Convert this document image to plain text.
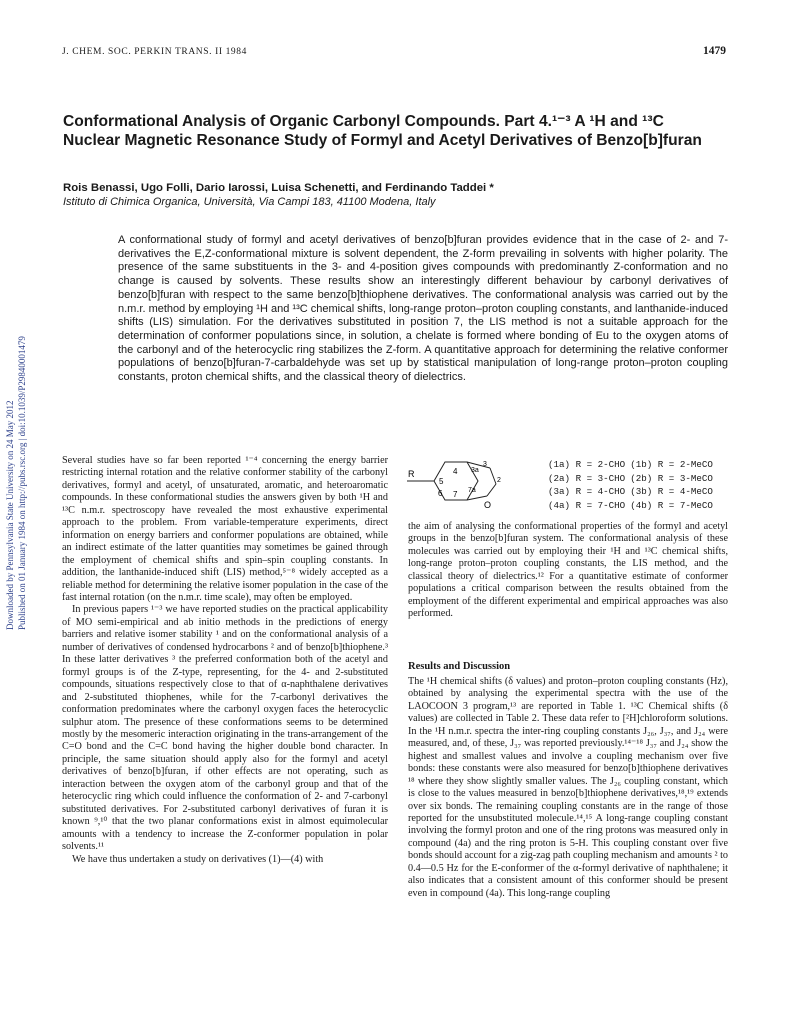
J. CHEM. SOC. PERKIN TRANS. II 1984	1479
Downloaded by Pennsylvania State University on 24 May 2012 Published on 01 January 1984 on http://pubs.rsc.org | doi:10.1039/P29840001479
Conformational Analysis of Organic Carbonyl Compounds. Part 4.¹⁻³ A ¹H and ¹³C Nuclear Magnetic Resonance Study of Formyl and Acetyl Derivatives of Benzo[b]furan
Rois Benassi, Ugo Folli, Dario Iarossi, Luisa Schenetti, and Ferdinando Taddei *
Istituto di Chimica Organica, Università, Via Campi 183, 41100 Modena, Italy
A conformational study of formyl and acetyl derivatives of benzo[b]furan provides evidence that in the case of 2- and 7-derivatives the E,Z-conformational mixture is solvent dependent, the Z-form prevailing in solvents with higher polarity. The presence of the same substituents in the 3- and 4-position gives compounds with predominantly Z-conformation and no change is caused by solvents. These results show an interestingly different behaviour by carbonyl derivatives of benzo[b]furan with respect to the same benzo[b]thiophene derivatives. The conformational analysis was carried out by the n.m.r. method by employing ¹H and ¹³C chemical shifts, long-range proton–proton coupling constants, and lanthanide-induced shifts (LIS) simulation. For the derivatives substituted in position 7, the LIS method is not a suitable approach for the determination of conformer populations since, in solution, a chelate is formed where bonding of Eu to the oxygen atoms of the carbonyl and of the heterocyclic ring stabilizes the Z-form. A quantitative approach for determining the relative conformer populations of benzo[b]furan-7-carbaldehyde was set up by statistical manipulation of long-range proton–proton coupling constants, proton chemical shifts, and the classical theory of dielectrics.

Several studies have so far been reported ¹⁻⁴ concerning the energy barrier restricting internal rotation and the relative conformer stability of the carbonyl derivatives, formyl and acetyl, of unsaturated, aromatic, and heteroaromatic compounds. In these conformational studies the answers given by both ¹H and ¹³C n.m.r. spectroscopy have revealed the most exhaustive experimental approach to the problem. From variable-temperature experiments, direct information on energy barriers and conformer populations are obtained, while an indirect estimate of the latter quantities may sometimes be gained through the employment of chemical shifts and spin–spin coupling constants. In addition, the lanthanide-induced shift (LIS) method,⁵⁻⁸ widely accepted as a reliable method for determining the relative isomer population in the case of the fast internal rotation (on the n.m.r. time scale), may often be employed.

In previous papers ¹⁻³ we have reported studies on the practical applicability of MO semi-empirical and ab initio methods in the predictions of energy barriers and relative isomer stability ¹ and on the conformational analysis of a number of derivatives of condensed hydrocarbons ² and of benzo[b]thiophene.³ In these latter derivatives ³ the preferred conformation both of the acetyl and formyl groups is of the Z-type, representing, for the 4- and 2-substituted compounds, situations respectively close to that of α-naphthalene derivatives and 2-substituted thiophenes, while for the 7-carbonyl derivatives the conformation predominates where the carbonyl oxygen faces the heterocyclic sulphur atom. The presence of these conformations seems to be determined mostly by the mesomeric interaction originating in the trans-arrangement of the C=O bond and the C=C bond having the higher double bond character. In principle, the same situation should apply also for the formyl and acetyl derivatives of benzo[b]furan, if other effects are not operating, such as interaction between the oxygen atom of the carbonyl group and that of the heterocyclic ring which could influence the conformation of 2- and 7-carbonyl substituted derivatives. For 2-substituted carbonyl derivatives of furan it is known ⁹,¹⁰ that the two planar conformations exist in almost equimolecular amounts with a tendency to increase the Z-conformer population in polar solvents.¹¹

We have thus undertaken a study on derivatives (1)—(4) with

R	4 3a
3
5	2
6	7a
7
O
(1a) R = 2-CHO	(1b) R = 2-MeCO
(2a) R = 3-CHO	(2b) R = 3-MeCO
(3a) R = 4-CHO	(3b) R = 4-MeCO
(4a) R = 7-CHO	(4b) R = 7-MeCO
the aim of analysing the conformational properties of the formyl and acetyl groups in the benzo[b]furan system. The conformational analysis of these molecules was carried out by employing their ¹H and ¹³C chemical shifts, long-range proton–proton coupling constants, the LIS method, and the classical theory of dielectrics.¹² For a quantitative estimate of conformer populations a critical comparison between the results obtained from the employment of the different experimental and empirical approaches was also performed.
Results and Discussion
The ¹H chemical shifts (δ values) and proton–proton coupling constants (Hz), obtained by analysing the experimental spectra with the use of the LAOCOON 3 program,¹³ are reported in Table 1. ¹³C Chemical shifts (δ values) are collected in Table 2. These data refer to [²H]chloroform solutions. In the ¹H n.m.r. spectra the inter-ring coupling constants J₂₆, J₃₇, and J₂₄ were measured, and, of these, J₃₇ was reported previously.¹⁴⁻¹⁸ J₃₇ and J₂₄ show the highest and smallest values and involve a coupling mechanism over five bonds: these constants were also measured for benzo[b]thiophene derivatives ¹⁸ where they show slightly smaller values. The J₂₆ coupling constant, which is close to the values measured in benzo[b]thiophene derivatives,¹⁸,¹⁹ extends over six bonds. The remaining coupling constants are in the range of those reported for the unsubstituted molecule.¹⁴,¹⁵ A long-range coupling constant involving the formyl proton and one of the ring protons was measured only in compound (4a) and the ring proton is 5-H. This coupling constant over five bonds should account for a zig-zag path coupling mechanism and amounts ² to 0.4—0.5 Hz for the E-conformer of the α-formyl derivative of naphthalene; it also indicates that a consistent amount of this conformer should be present even in compound (4a). This long-range coupling
